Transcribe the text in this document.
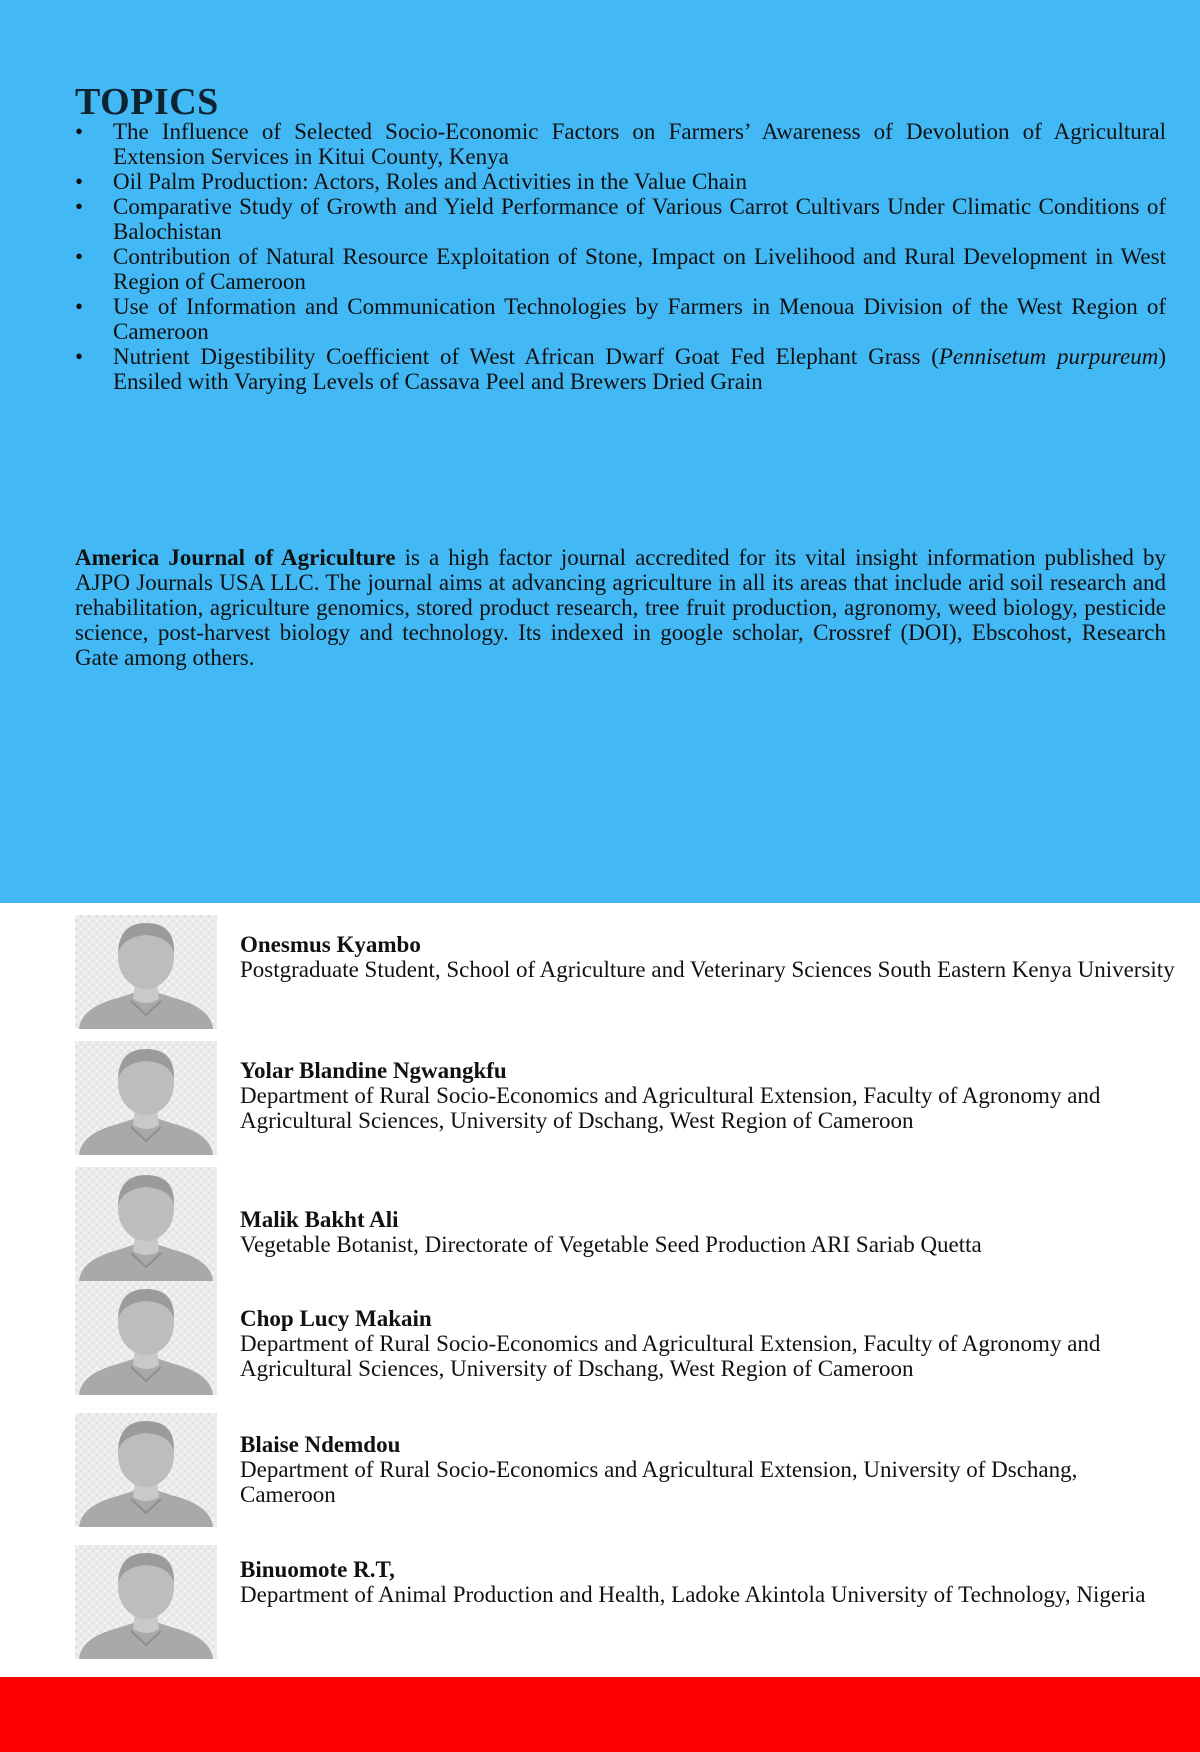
TOPICS
• The Influence of Selected Socio-Economic Factors on Farmers’ Awareness of Devolution of Agricultural Extension Services in Kitui County, Kenya
• Oil Palm Production: Actors, Roles and Activities in the Value Chain
• Comparative Study of Growth and Yield Performance of Various Carrot Cultivars Under Climatic Conditions of Balochistan
• Contribution of Natural Resource Exploitation of Stone, Impact on Livelihood and Rural Development in West Region of Cameroon
• Use of Information and Communication Technologies by Farmers in Menoua Division of the West Region of Cameroon
• Nutrient Digestibility Coefficient of West African Dwarf Goat Fed Elephant Grass (Pennisetum purpureum) Ensiled with Varying Levels of Cassava Peel and Brewers Dried Grain

America Journal of Agriculture is a high factor journal accredited for its vital insight information published by AJPO Journals USA LLC. The journal aims at advancing agriculture in all its areas that include arid soil research and rehabilitation, agriculture genomics, stored product research, tree fruit production, agronomy, weed biology, pesticide science, post-harvest biology and technology. Its indexed in google scholar, Crossref (DOI), Ebscohost, Research Gate among others.

Onesmus Kyambo
Postgraduate Student, School of Agriculture and Veterinary Sciences South Eastern Kenya University
Yolar Blandine Ngwangkfu
Department of Rural Socio-Economics and Agricultural Extension, Faculty of Agronomy and Agricultural Sciences, University of Dschang, West Region of Cameroon
Malik Bakht Ali
Vegetable Botanist, Directorate of Vegetable Seed Production ARI Sariab Quetta
Chop Lucy Makain
Department of Rural Socio-Economics and Agricultural Extension, Faculty of Agronomy and Agricultural Sciences, University of Dschang, West Region of Cameroon
Blaise Ndemdou
Department of Rural Socio-Economics and Agricultural Extension, University of Dschang, Cameroon
Binuomote R.T,
Department of Animal Production and Health, Ladoke Akintola University of Technology, Nigeria
